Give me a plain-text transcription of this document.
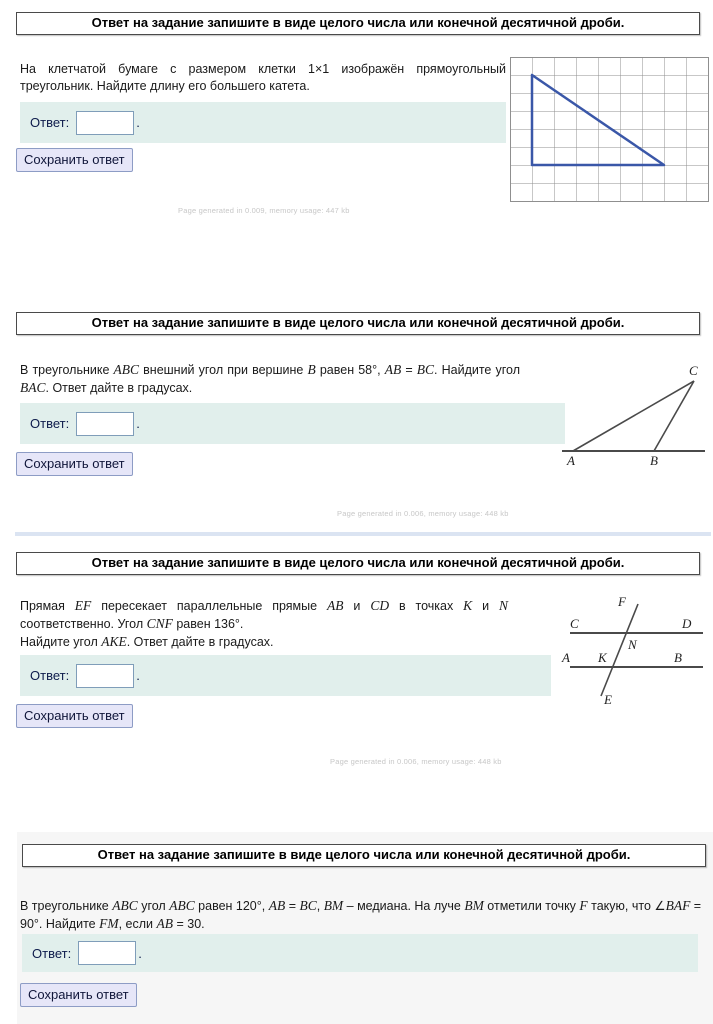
Ответ на задание запишите в виде целого числа или конечной десятичной дроби.
На клетчатой бумаге с размером клетки 1×1 изображён прямоугольный треугольник. Найдите длину его большего катета.
Ответ:	.
Сохранить ответ
Page generated in 0.009, memory usage: 447 kb
Ответ на задание запишите в виде целого числа или конечной десятичной дроби.
В треугольнике ABC внешний угол при вершине B равен 58°, AB = BC. Найдите угол BAC. Ответ дайте в градусах.
Ответ:	.
Сохранить ответ
Page generated in 0.006, memory usage: 448 kb
A	B
C
Ответ на задание запишите в виде целого числа или конечной десятичной дроби.
Прямая EF пересекает параллельные прямые AB и CD в точках K и N соответственно. Угол CNF равен 136°.
Найдите угол AKE. Ответ дайте в градусах.
Ответ:	.
Сохранить ответ
Page generated in 0.006, memory usage: 448 kb
F
C	D
N
A K	B
E
Ответ на задание запишите в виде целого числа или конечной десятичной дроби.
В треугольнике ABC угол ABC равен 120°, AB = BC, BM – медиана. На луче BM отметили точку F такую, что ∠BAF = 90°. Найдите FM, если AB = 30.
Ответ:	.
Сохранить ответ
